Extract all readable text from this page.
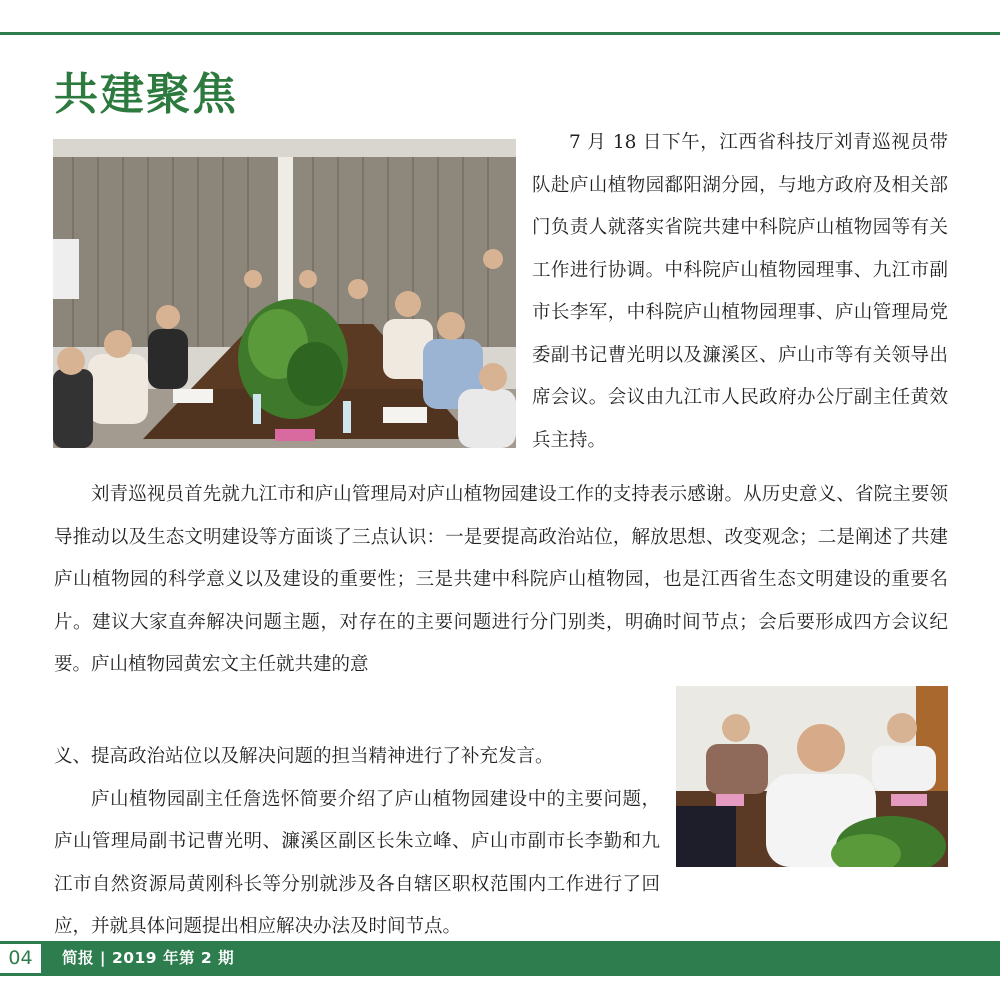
共建聚焦

7 月 18 日下午，江西省科技厅刘青巡视员带队赴庐山植物园鄱阳湖分园，与地方政府及相关部门负责人就落实省院共建中科院庐山植物园等有关工作进行协调。中科院庐山植物园理事、九江市副市长李军，中科院庐山植物园理事、庐山管理局党委副书记曹光明以及濂溪区、庐山市等有关领导出席会议。会议由九江市人民政府办公厅副主任黄效兵主持。

刘青巡视员首先就九江市和庐山管理局对庐山植物园建设工作的支持表示感谢。从历史意义、省院主要领导推动以及生态文明建设等方面谈了三点认识：一是要提高政治站位，解放思想、改变观念；二是阐述了共建庐山植物园的科学意义以及建设的重要性；三是共建中科院庐山植物园，也是江西省生态文明建设的重要名片。建议大家直奔解决问题主题，对存在的主要问题进行分门别类，明确时间节点；会后要形成四方会议纪要。庐山植物园黄宏文主任就共建的意

义、提高政治站位以及解决问题的担当精神进行了补充发言。

庐山植物园副主任詹选怀简要介绍了庐山植物园建设中的主要问题，庐山管理局副书记曹光明、濂溪区副区长朱立峰、庐山市副市长李勤和九江市自然资源局黄刚科长等分别就涉及各自辖区职权范围内工作进行了回应，并就具体问题提出相应解决办法及时间节点。

04	简报 | 2019 年第 2 期
